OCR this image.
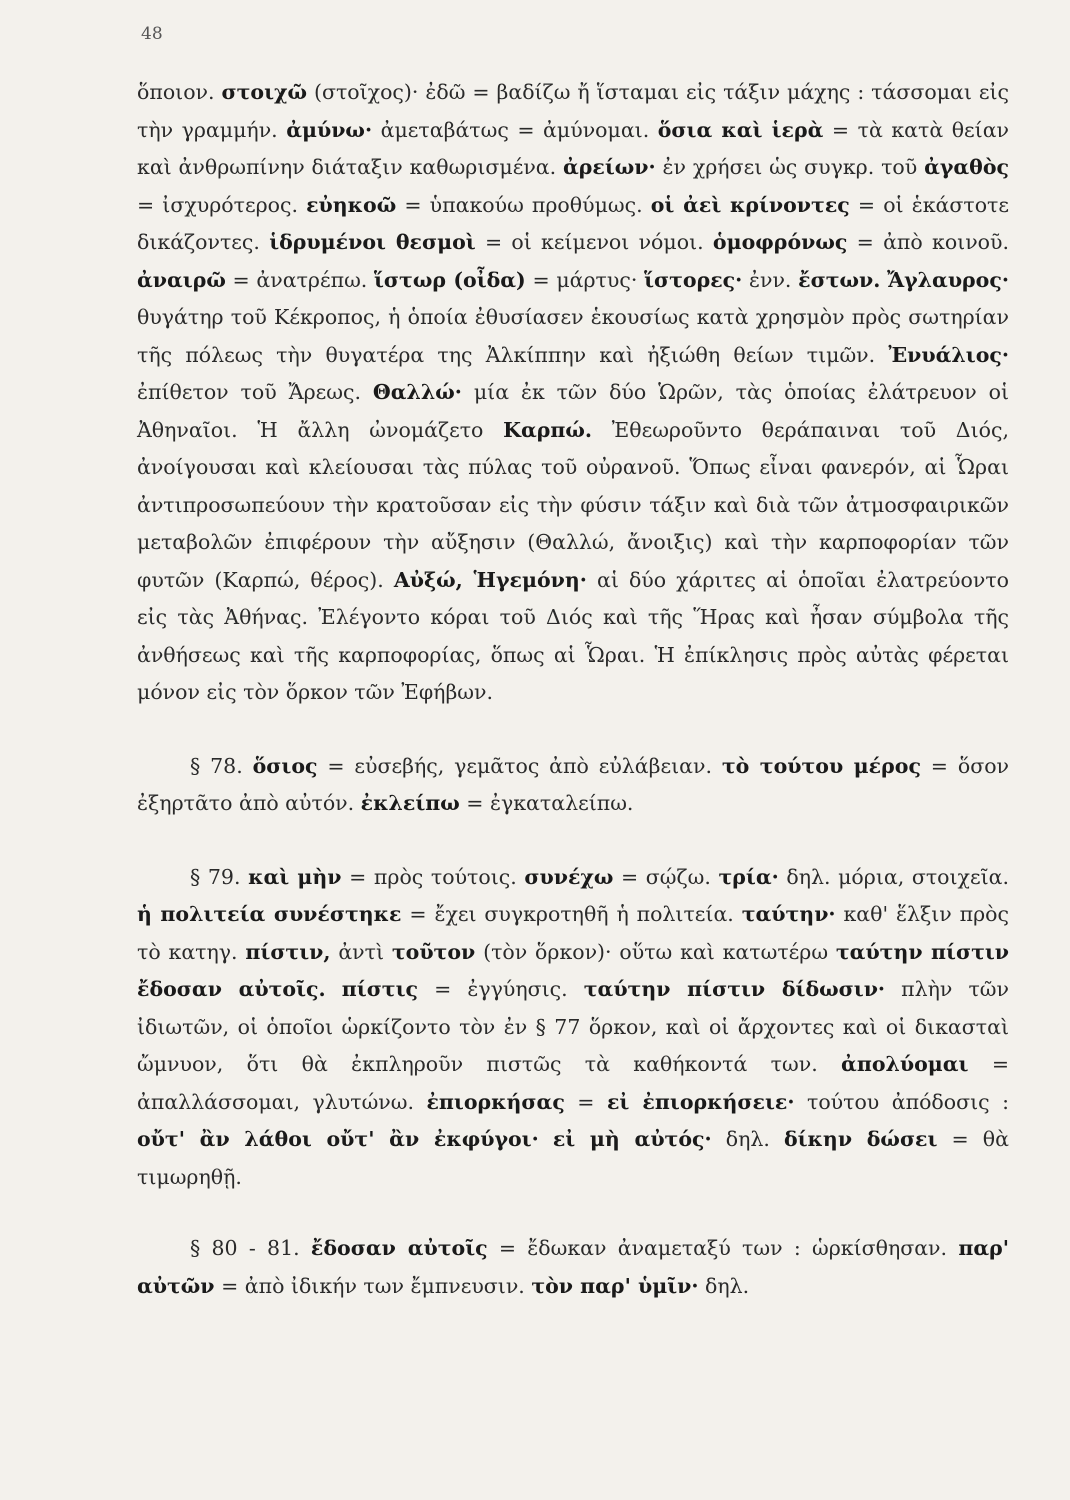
48

ὅποιον. στοιχῶ (στοῖχος)· ἐδῶ = βαδίζω ἤ ἵσταμαι εἰς τάξιν μάχης : τάσσομαι εἰς τὴν γραμμήν. ἀμύνω· ἀμεταβάτως = ἀμύνομαι. ὅσια καὶ ἱερὰ = τὰ κατὰ θείαν καὶ ἀνθρωπίνην διάταξιν καθωρισμένα. ἀρείων· ἐν χρήσει ὡς συγκρ. τοῦ ἀγαθὸς = ἰσχυρότερος. εὐηκοῶ = ὑπακούω προθύμως. οἱ ἀεὶ κρίνοντες = οἱ ἑκάστοτε δικάζοντες. ἱδρυμένοι θεσμοὶ = οἱ κείμενοι νόμοι. ὁμοφρόνως = ἀπὸ κοινοῦ. ἀναιρῶ = ἀνατρέπω. ἵστωρ (οἶδα) = μάρτυς· ἵστορες· ἐνν. ἔστων. Ἄγλαυρος· θυγάτηρ τοῦ Κέκροπος, ἡ ὁποία ἐθυσίασεν ἑκουσίως κατὰ χρησμὸν πρὸς σωτηρίαν τῆς πόλεως τὴν θυγατέρα της Ἀλκίππην καὶ ἠξιώθη θείων τιμῶν. Ἐνυάλιος· ἐπίθετον τοῦ Ἄρεως. Θαλλώ· μία ἐκ τῶν δύο Ὡρῶν, τὰς ὁποίας ἐλάτρευον οἱ Ἀθηναῖοι. Ἡ ἄλλη ὠνομάζετο Καρπώ. Ἐθεωροῦντο θεράπαιναι τοῦ Διός, ἀνοίγουσαι καὶ κλείουσαι τὰς πύλας τοῦ οὐρανοῦ. Ὅπως εἶναι φανερόν, αἱ Ὧραι ἀντιπροσωπεύουν τὴν κρατοῦσαν εἰς τὴν φύσιν τάξιν καὶ διὰ τῶν ἀτμοσφαιρικῶν μεταβολῶν ἐπιφέρουν τὴν αὔξησιν (Θαλλώ, ἄνοιξις) καὶ τὴν καρποφορίαν τῶν φυτῶν (Καρπώ, θέρος). Αὐξώ, Ἡγεμόνη· αἱ δύο χάριτες αἱ ὁποῖαι ἐλατρεύοντο εἰς τὰς Ἀθήνας. Ἐλέγοντο κόραι τοῦ Διός καὶ τῆς Ἥρας καὶ ἦσαν σύμβολα τῆς ἀνθήσεως καὶ τῆς καρποφορίας, ὅπως αἱ Ὧραι. Ἡ ἐπίκλησις πρὸς αὐτὰς φέρεται μόνον εἰς τὸν ὅρκον τῶν Ἐφήβων.

§ 78. ὅσιος = εὐσεβής, γεμᾶτος ἀπὸ εὐλάβειαν. τὸ τούτου μέρος = ὅσον ἐξηρτᾶτο ἀπὸ αὐτόν. ἐκλείπω = ἐγκαταλείπω.

§ 79. καὶ μὴν = πρὸς τούτοις. συνέχω = σῴζω. τρία· δηλ. μόρια, στοιχεῖα. ἡ πολιτεία συνέστηκε = ἔχει συγκροτηθῆ ἡ πολιτεία. ταύτην· καθ' ἕλξιν πρὸς τὸ κατηγ. πίστιν, ἀντὶ τοῦτον (τὸν ὅρκον)· οὕτω καὶ κατωτέρω ταύτην πίστιν ἔδοσαν αὐτοῖς. πίστις = ἐγγύησις. ταύτην πίστιν δίδωσιν· πλὴν τῶν ἰδιωτῶν, οἱ ὁποῖοι ὡρκίζοντο τὸν ἐν § 77 ὅρκον, καὶ οἱ ἄρχοντες καὶ οἱ δικασταὶ ὤμνυον, ὅτι θὰ ἐκπληροῦν πιστῶς τὰ καθήκοντά των. ἀπολύομαι = ἀπαλλάσσομαι, γλυτώνω. ἐπιορκήσας = εἰ ἐπιορκήσειε· τούτου ἀπόδοσις : οὔτ' ἂν λάθοι οὔτ' ἂν ἐκφύγοι· εἰ μὴ αὐτός· δηλ. δίκην δώσει = θὰ τιμωρηθῇ.

§ 80 - 81. ἔδοσαν αὐτοῖς = ἔδωκαν ἀναμεταξύ των : ὡρκίσθησαν. παρ' αὐτῶν = ἀπὸ ἰδικήν των ἔμπνευσιν. τὸν παρ' ὑμῖν· δηλ.
